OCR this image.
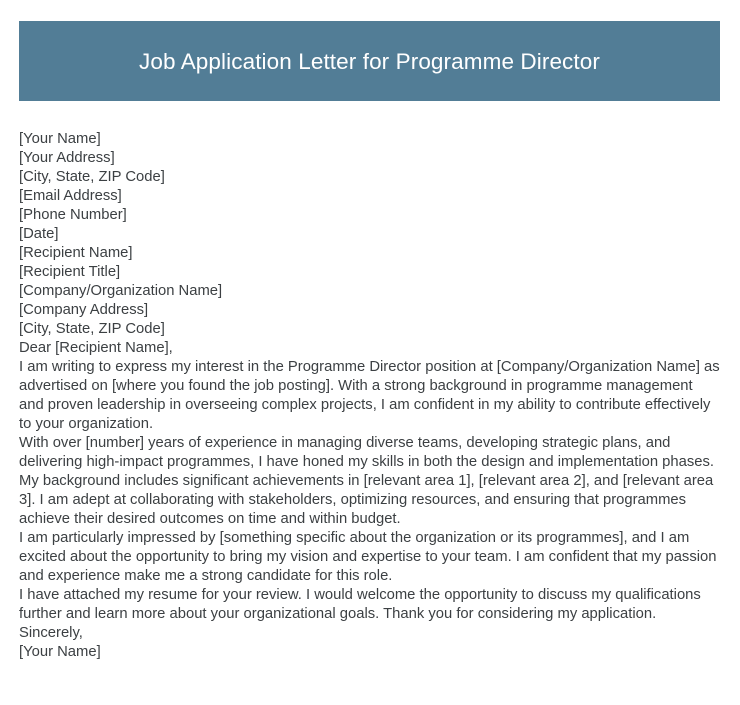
Job Application Letter for Programme Director
[Your Name]
[Your Address]
[City, State, ZIP Code]
[Email Address]
[Phone Number]
[Date]
[Recipient Name]
[Recipient Title]
[Company/Organization Name]
[Company Address]
[City, State, ZIP Code]
Dear [Recipient Name],
I am writing to express my interest in the Programme Director position at [Company/Organization Name] as advertised on [where you found the job posting]. With a strong background in programme management and proven leadership in overseeing complex projects, I am confident in my ability to contribute effectively to your organization.
With over [number] years of experience in managing diverse teams, developing strategic plans, and delivering high-impact programmes, I have honed my skills in both the design and implementation phases. My background includes significant achievements in [relevant area 1], [relevant area 2], and [relevant area 3]. I am adept at collaborating with stakeholders, optimizing resources, and ensuring that programmes achieve their desired outcomes on time and within budget.
I am particularly impressed by [something specific about the organization or its programmes], and I am excited about the opportunity to bring my vision and expertise to your team. I am confident that my passion and experience make me a strong candidate for this role.
I have attached my resume for your review. I would welcome the opportunity to discuss my qualifications further and learn more about your organizational goals. Thank you for considering my application.
Sincerely,
[Your Name]
